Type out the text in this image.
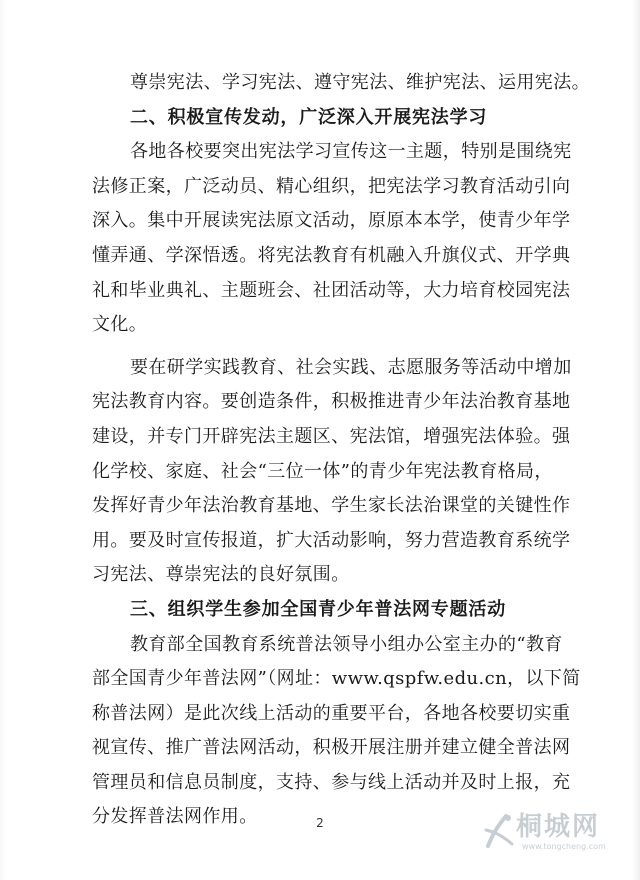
尊崇宪法、学习宪法、遵守宪法、维护宪法、运用宪法。
二、积极宣传发动，广泛深入开展宪法学习
各地各校要突出宪法学习宣传这一主题，特别是围绕宪
法修正案，广泛动员、精心组织，把宪法学习教育活动引向
深入。集中开展读宪法原文活动，原原本本学，使青少年学
懂弄通、学深悟透。将宪法教育有机融入升旗仪式、开学典
礼和毕业典礼、主题班会、社团活动等，大力培育校园宪法
文化。
要在研学实践教育、社会实践、志愿服务等活动中增加
宪法教育内容。要创造条件，积极推进青少年法治教育基地
建设，并专门开辟宪法主题区、宪法馆，增强宪法体验。强
化学校、家庭、社会“三位一体”的青少年宪法教育格局，
发挥好青少年法治教育基地、学生家长法治课堂的关键性作
用。要及时宣传报道，扩大活动影响，努力营造教育系统学
习宪法、尊崇宪法的良好氛围。
三、组织学生参加全国青少年普法网专题活动
教育部全国教育系统普法领导小组办公室主办的“教育
部全国青少年普法网”（网址：www.qspfw.edu.cn，以下简
称普法网）是此次线上活动的重要平台，各地各校要切实重
视宣传、推广普法网活动，积极开展注册并建立健全普法网
管理员和信息员制度，支持、参与线上活动并及时上报，充
分发挥普法网作用。	2	桐城网
www.tongcheng.com
